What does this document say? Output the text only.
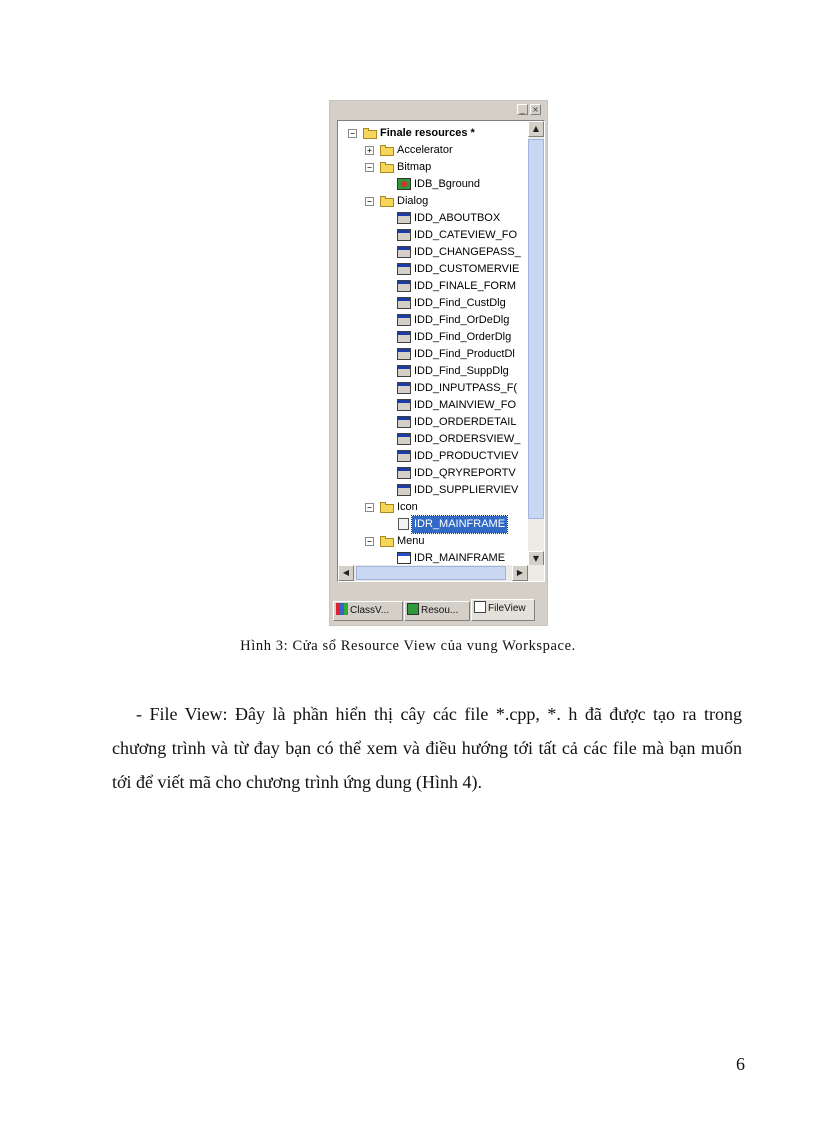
_ ×
− Finale resources *
+ Accelerator
− Bitmap
IDB_Bground
− Dialog
IDD_ABOUTBOX
IDD_CATEVIEW_FO
IDD_CHANGEPASS_
IDD_CUSTOMERVIE
IDD_FINALE_FORM
IDD_Find_CustDlg
IDD_Find_OrDeDlg
IDD_Find_OrderDlg
IDD_Find_ProductDl
IDD_Find_SuppDlg
IDD_INPUTPASS_F(
IDD_MAINVIEW_FO
IDD_ORDERDETAIL
IDD_ORDERSVIEW_
IDD_PRODUCTVIEV
IDD_QRYREPORTV
IDD_SUPPLIERVIEV
− Icon
IDR_MAINFRAME
− Menu
IDR_MAINFRAME
▲
▼
◀	▶
ClassV...	Resou...	FileView
Hình 3: Cửa sổ Resource View của vung Workspace.

- File View: Đây là phần hiển thị cây các file *.cpp, *. h đã được tạo ra trong chương trình và từ đay bạn có thể xem và điều hướng tới tất cả các file mà bạn muốn tới để viết mã cho chương trình ứng dung (Hình 4).

6
